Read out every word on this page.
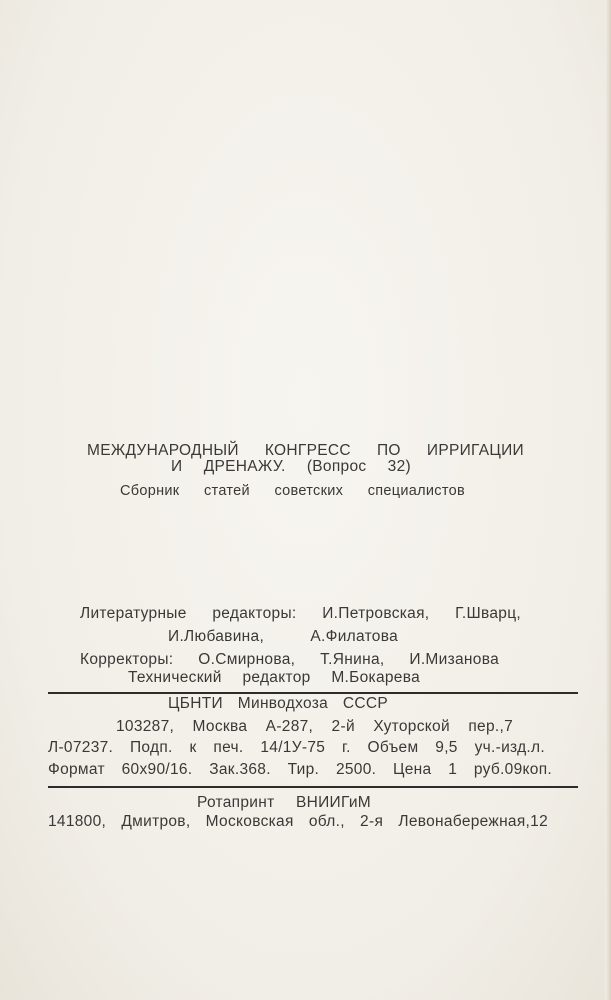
МЕЖДУНАРОДНЫЙ КОНГРЕСС ПО ИРРИГАЦИИ
И ДРЕНАЖУ. (Вопрос 32)
Сборник статей советских специалистов
Литературные редакторы: И.Петровская, Г.Шварц,
И.Любавина, А.Филатова
Корректоры: О.Смирнова, Т.Янина, И.Мизанова
Технический редактор М.Бокарева
ЦБНТИ Минводхоза СССР
103287, Москва А-287, 2-й Хуторской пер.,7
Л-07237. Подп. к печ. 14/1У-75 г. Объем 9,5 уч.-изд.л.
Формат 60х90/16. Зак.368. Тир. 2500. Цена 1 руб.09коп.
Ротапринт ВНИИГиМ
141800, Дмитров, Московская обл., 2-я Левонабережная,12
